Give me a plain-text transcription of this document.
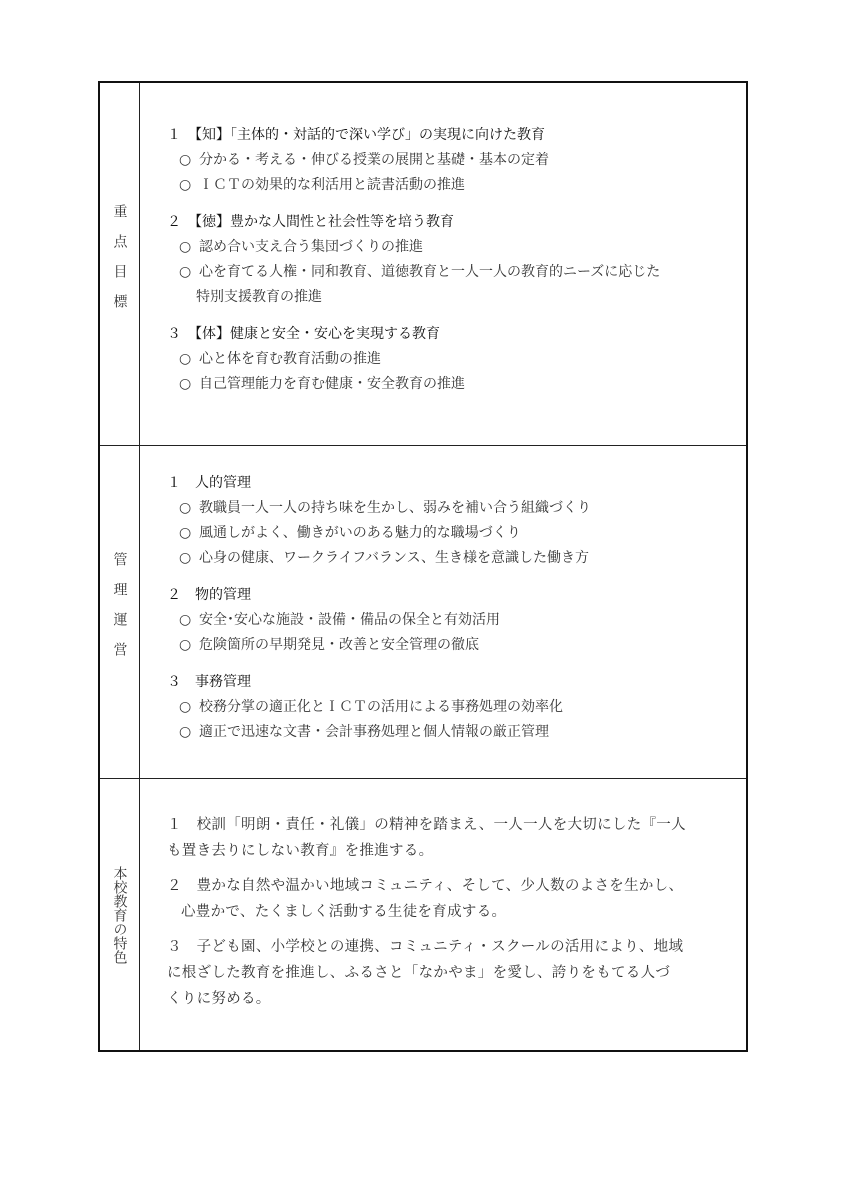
重点目標
１　【知】「主体的・対話的で深い学び」の実現に向けた教育
○ 分かる・考える・伸びる授業の展開と基礎・基本の定着
○ ＩＣＴの効果的な利活用と読書活動の推進
２　【徳】豊かな人間性と社会性等を培う教育
○ 認め合い支え合う集団づくりの推進
○ 心を育てる人権・同和教育、道徳教育と一人一人の教育的ニーズに応じた
特別支援教育の推進
３　【体】健康と安全・安心を実現する教育
○ 心と体を育む教育活動の推進
○ 自己管理能力を育む健康・安全教育の推進
管理運営
１　人的管理
○ 教職員一人一人の持ち味を生かし、弱みを補い合う組織づくり
○ 風通しがよく、働きがいのある魅力的な職場づくり
○ 心身の健康、ワークライフバランス、生き様を意識した働き方
２　物的管理
○ 安全･安心な施設・設備・備品の保全と有効活用
○ 危険箇所の早期発見・改善と安全管理の徹底
３　事務管理
○ 校務分掌の適正化とＩＣＴの活用による事務処理の効率化
○ 適正で迅速な文書・会計事務処理と個人情報の厳正管理
本校教育の特色
１　 校訓「明朗・責任・礼儀」の精神を踏まえ、一人一人を大切にした『一人
も置き去りにしない教育』を推進する。
２　 豊かな自然や温かい地域コミュニティ、そして、少人数のよさを生かし、
心豊かで、たくましく活動する生徒を育成する。
３　 子ども園、小学校との連携、コミュニティ・スクールの活用により、地域
に根ざした教育を推進し、ふるさと「なかやま」を愛し、誇りをもてる人づ
くりに努める。
